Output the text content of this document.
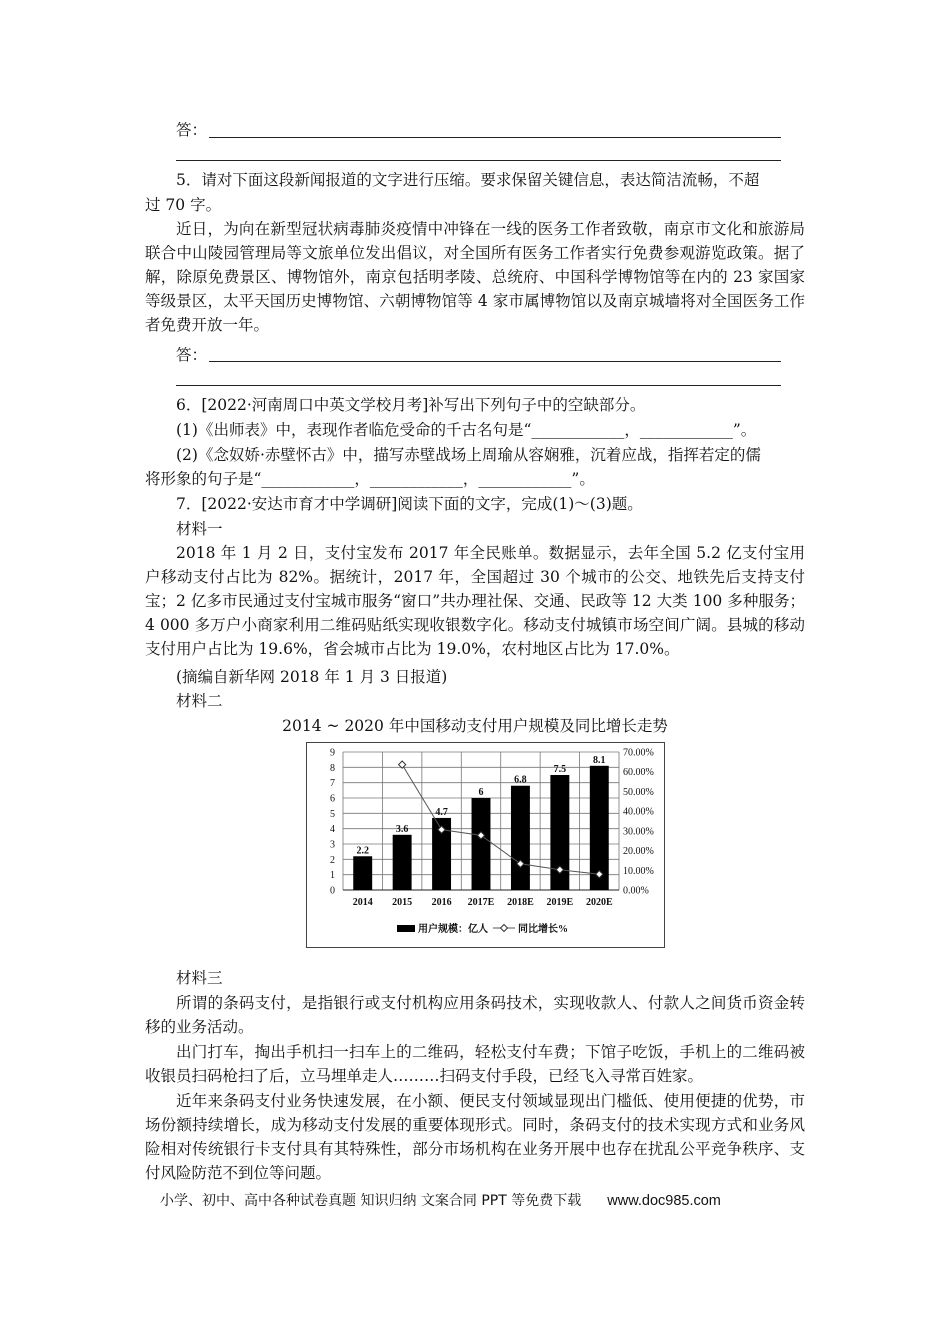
答：
5．请对下面这段新闻报道的文字进行压缩。要求保留关键信息，表达简洁流畅，不超
过 70 字。
近日，为向在新型冠状病毒肺炎疫情中冲锋在一线的医务工作者致敬，南京市文化和旅游局联合中山陵园管理局等文旅单位发出倡议，对全国所有医务工作者实行免费参观游览政策。据了解，除原免费景区、博物馆外，南京包括明孝陵、总统府、中国科学博物馆等在内的 23 家国家等级景区，太平天国历史博物馆、六朝博物馆等 4 家市属博物馆以及南京城墙将对全国医务工作者免费开放一年。
答：
6．[2022·河南周口中英文学校月考]补写出下列句子中的空缺部分。
(1)《出师表》中，表现作者临危受命的千古名句是“____________，____________”。
(2)《念奴娇·赤壁怀古》中，描写赤壁战场上周瑜从容娴雅，沉着应战，指挥若定的儒
将形象的句子是“____________，____________，____________”。
7．[2022·安达市育才中学调研]阅读下面的文字，完成(1)～(3)题。
材料一
2018 年 1 月 2 日，支付宝发布 2017 年全民账单。数据显示，去年全国 5.2 亿支付宝用户移动支付占比为 82%。据统计，2017 年，全国超过 30 个城市的公交、地铁先后支持支付宝；2 亿多市民通过支付宝城市服务“窗口”共办理社保、交通、民政等 12 大类 100 多种服务；4 000 多万户小商家利用二维码贴纸实现收银数字化。移动支付城镇市场空间广阔。县城的移动支付用户占比为 19.6%，省会城市占比为 19.0%，农村地区占比为 17.0%。
(摘编自新华网 2018 年 1 月 3 日报道)
材料二
2014 ~ 2020 年中国移动支付用户规模及同比增长走势
0
1
2
3
4
5
6
7
8
9
0.00%
10.00%
20.00%
30.00%
40.00%
50.00%
60.00%
70.00%
2.2
3.6
4.7
6
6.8
7.5
8.1
2014 2015 2016 2017E 2018E 2019E 2020E
用户规模：亿人	同比增长%
材料三
所谓的条码支付，是指银行或支付机构应用条码技术，实现收款人、付款人之间货币资金转移的业务活动。
出门打车，掏出手机扫一扫车上的二维码，轻松支付车费；下馆子吃饭，手机上的二维码被收银员扫码枪扫了后，立马埋单走人………扫码支付手段，已经飞入寻常百姓家。
近年来条码支付业务快速发展，在小额、便民支付领域显现出门槛低、使用便捷的优势，市场份额持续增长，成为移动支付发展的重要体现形式。同时，条码支付的技术实现方式和业务风险相对传统银行卡支付具有其特殊性，部分市场机构在业务开展中也存在扰乱公平竞争秩序、支付风险防范不到位等问题。
小学、初中、高中各种试卷真题 知识归纳 文案合同 PPT 等免费下载 www.doc985.com
